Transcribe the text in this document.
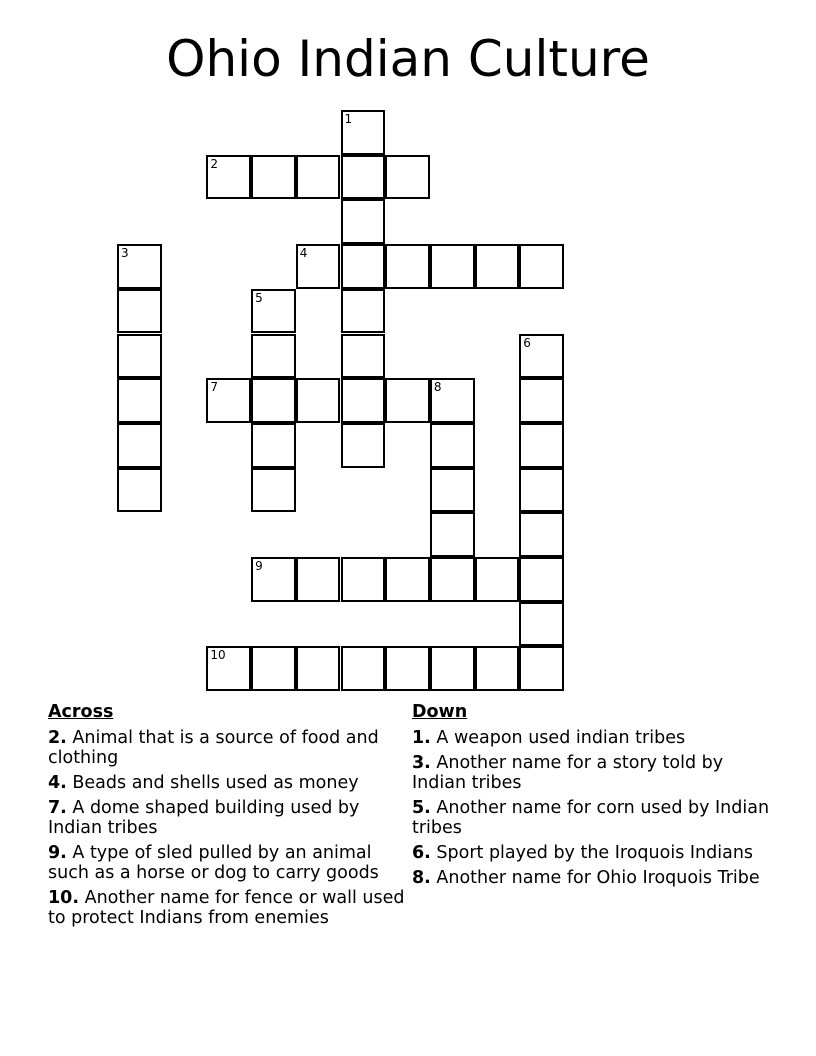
Ohio Indian Culture
1
2
3	4
5
6
7	8
9
10
Across
2. Animal that is a source of food and clothing
4. Beads and shells used as money
7. A dome shaped building used by Indian tribes
9. A type of sled pulled by an animal such as a horse or dog to carry goods
10. Another name for fence or wall used to protect Indians from enemies
Down
1. A weapon used indian tribes
3. Another name for a story told by Indian tribes
5. Another name for corn used by Indian tribes
6. Sport played by the Iroquois Indians
8. Another name for Ohio Iroquois Tribe
